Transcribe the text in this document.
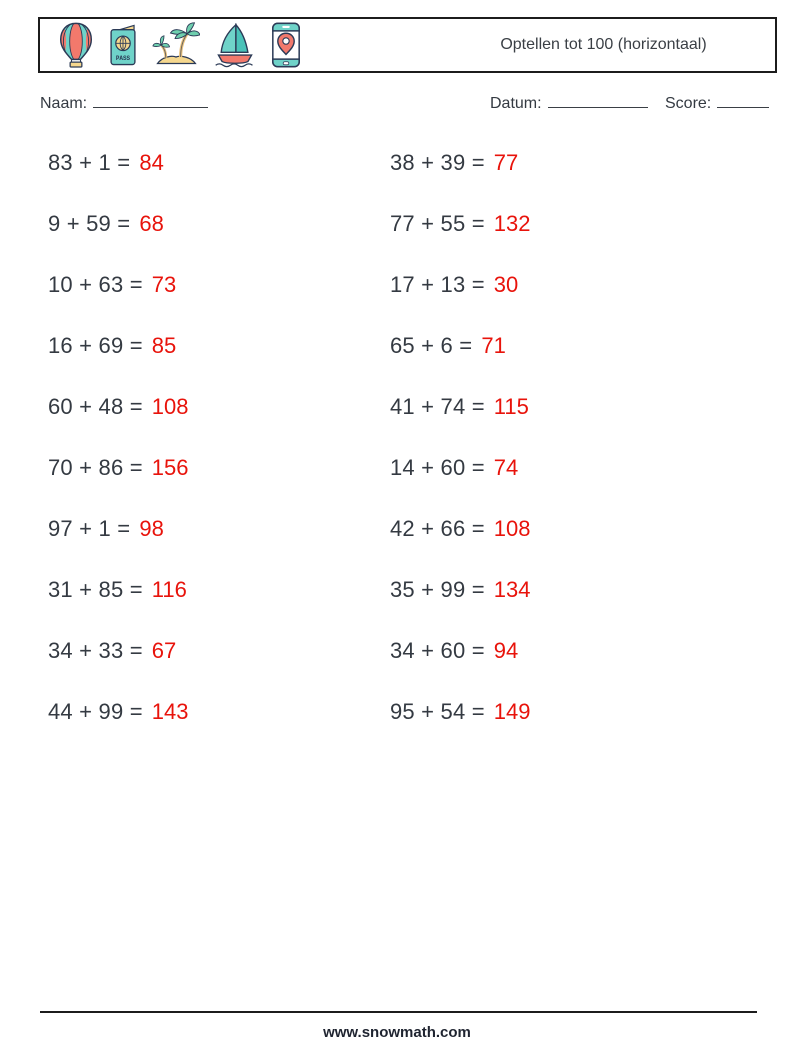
PASS
Optellen tot 100 (horizontaal)
Naam:	Datum:	Score:
83 + 1 = 84
9 + 59 = 68
10 + 63 = 73
16 + 69 = 85
60 + 48 = 108
70 + 86 = 156
97 + 1 = 98
31 + 85 = 116
34 + 33 = 67
44 + 99 = 143
38 + 39 = 77
77 + 55 = 132
17 + 13 = 30
65 + 6 = 71
41 + 74 = 115
14 + 60 = 74
42 + 66 = 108
35 + 99 = 134
34 + 60 = 94
95 + 54 = 149
www.snowmath.com
